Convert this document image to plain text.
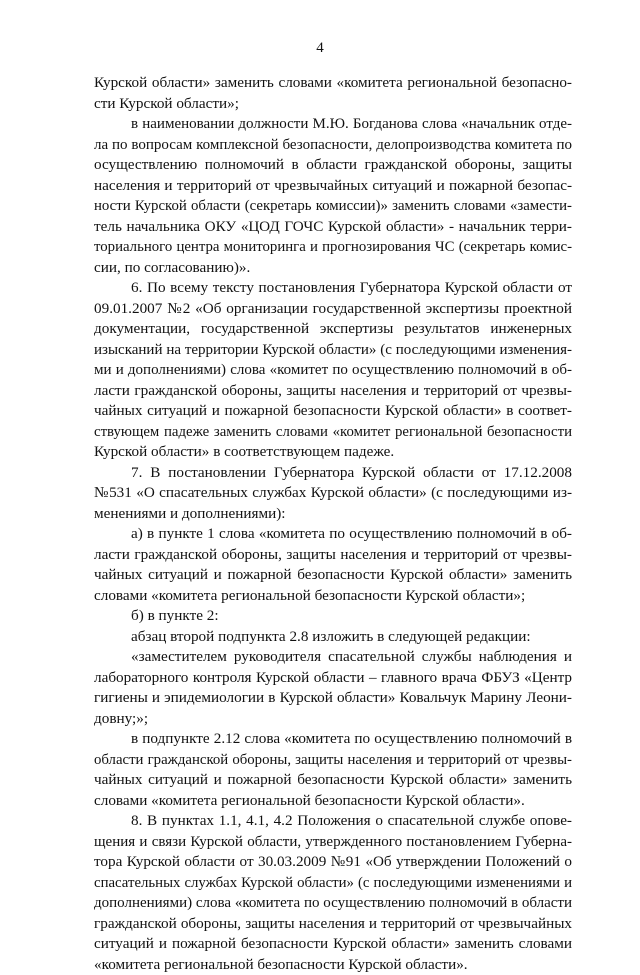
4
Курской области» заменить словами «комитета региональной безопасно-
сти Курской области»;
в наименовании должности М.Ю. Богданова слова «начальник отде-
ла по вопросам комплексной безопасности, делопроизводства комитета по
осуществлению полномочий в области гражданской обороны, защиты
населения и территорий от чрезвычайных ситуаций и пожарной безопас-
ности Курской области (секретарь комиссии)» заменить словами «замести-
тель начальника ОКУ «ЦОД ГОЧС Курской области» - начальник терри-
ториального центра мониторинга и прогнозирования ЧС (секретарь комис-
сии, по согласованию)».
6. По всему тексту постановления Губернатора Курской области от
09.01.2007 №2 «Об организации государственной экспертизы проектной
документации, государственной экспертизы результатов инженерных
изысканий на территории Курской области» (с последующими изменения-
ми и дополнениями) слова «комитет по осуществлению полномочий в об-
ласти гражданской обороны, защиты населения и территорий от чрезвы-
чайных ситуаций и пожарной безопасности Курской области» в соответ-
ствующем падеже заменить словами «комитет региональной безопасности
Курской области» в соответствующем падеже.
7. В постановлении Губернатора Курской области от 17.12.2008
№531 «О спасательных службах Курской области» (с последующими из-
менениями и дополнениями):
а) в пункте 1 слова «комитета по осуществлению полномочий в об-
ласти гражданской обороны, защиты населения и территорий от чрезвы-
чайных ситуаций и пожарной безопасности Курской области» заменить
словами «комитета региональной безопасности Курской области»;
б) в пункте 2:
абзац второй подпункта 2.8 изложить в следующей редакции:
«заместителем руководителя спасательной службы наблюдения и
лабораторного контроля Курской области – главного врача ФБУЗ «Центр
гигиены и эпидемиологии в Курской области» Ковальчук Марину Леони-
довну;»;
в подпункте 2.12 слова «комитета по осуществлению полномочий в
области гражданской обороны, защиты населения и территорий от чрезвы-
чайных ситуаций и пожарной безопасности Курской области» заменить
словами «комитета региональной безопасности Курской области».
8. В пунктах 1.1, 4.1, 4.2 Положения о спасательной службе опове-
щения и связи Курской области, утвержденного постановлением Губерна-
тора Курской области от 30.03.2009 №91 «Об утверждении Положений о
спасательных службах Курской области» (с последующими изменениями и
дополнениями) слова «комитета по осуществлению полномочий в области
гражданской обороны, защиты населения и территорий от чрезвычайных
ситуаций и пожарной безопасности Курской области» заменить словами
«комитета региональной безопасности Курской области».
